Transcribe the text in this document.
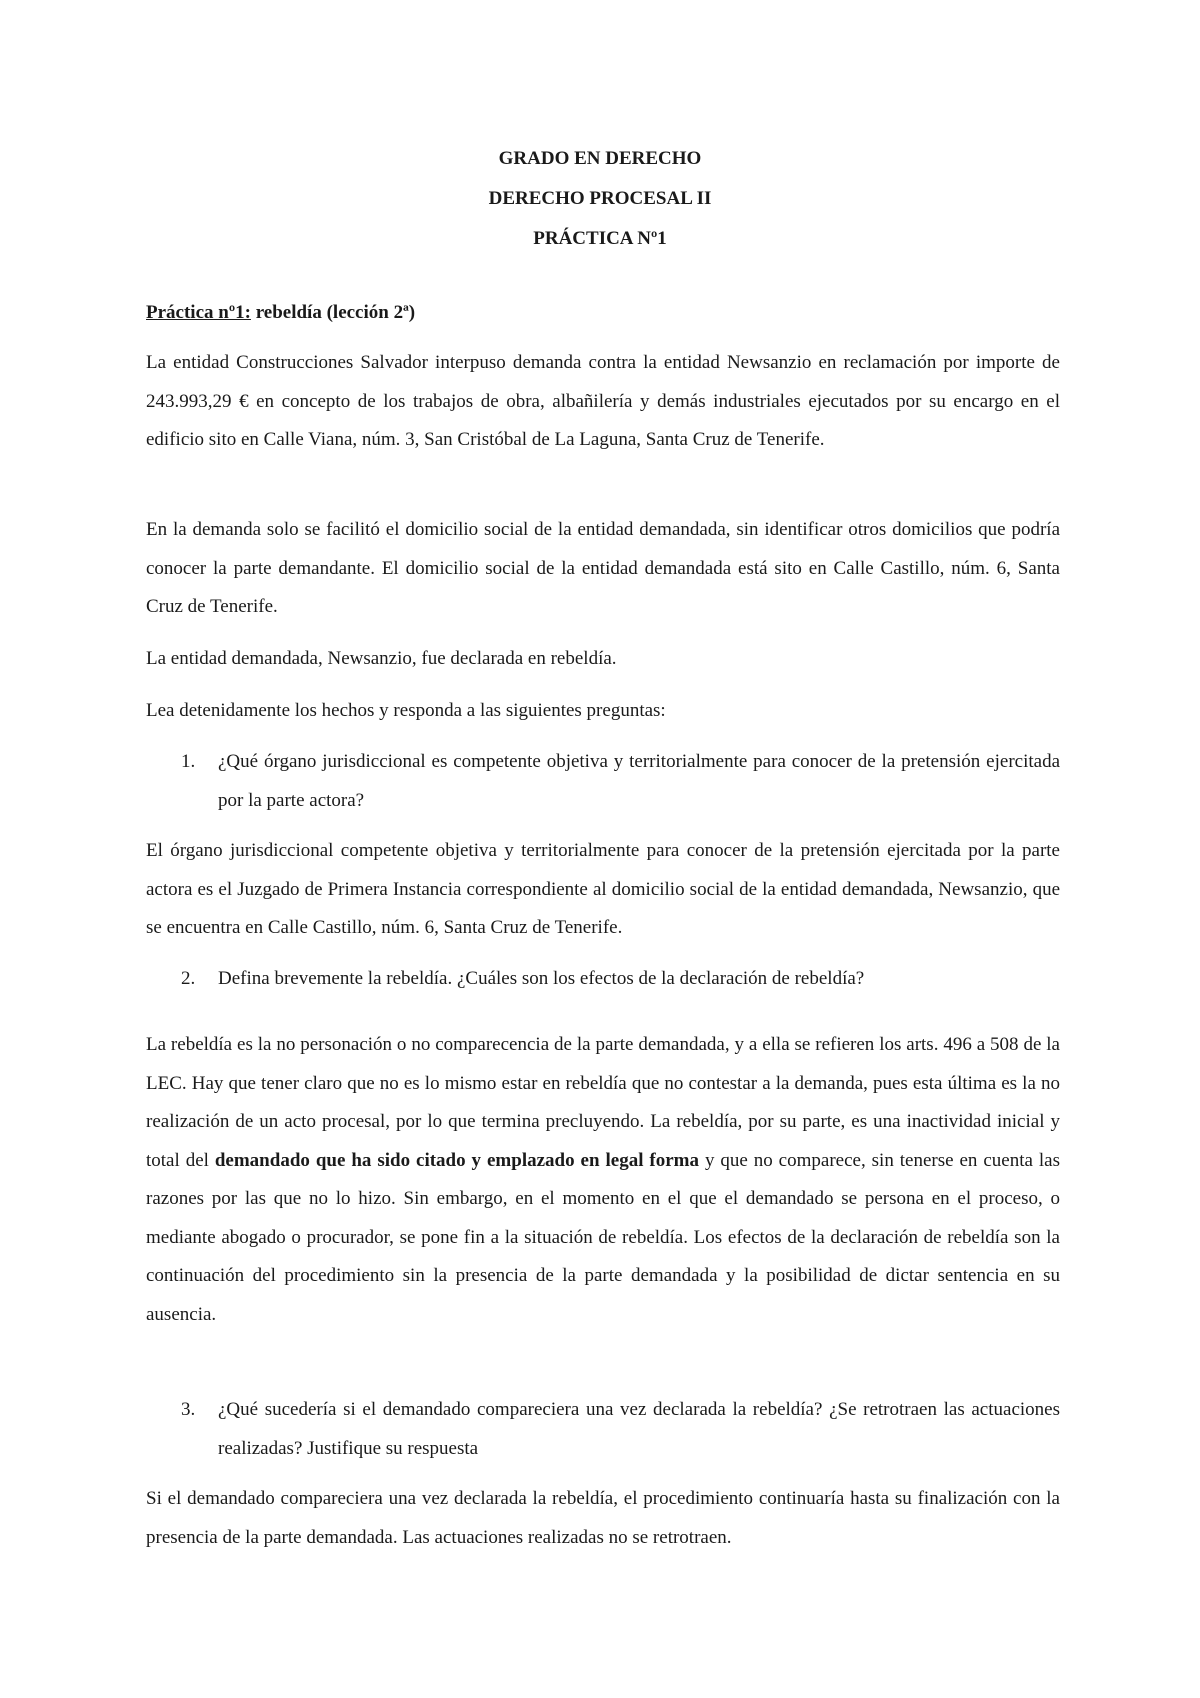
GRADO EN DERECHO
DERECHO PROCESAL II
PRÁCTICA Nº1
Práctica nº1: rebeldía (lección 2ª)

La entidad Construcciones Salvador interpuso demanda contra la entidad Newsanzio en reclamación por importe de 243.993,29 € en concepto de los trabajos de obra, albañilería y demás industriales ejecutados por su encargo en el edificio sito en Calle Viana, núm. 3, San Cristóbal de La Laguna, Santa Cruz de Tenerife.

En la demanda solo se facilitó el domicilio social de la entidad demandada, sin identificar otros domicilios que podría conocer la parte demandante. El domicilio social de la entidad demandada está sito en Calle Castillo, núm. 6, Santa Cruz de Tenerife.

La entidad demandada, Newsanzio, fue declarada en rebeldía.

Lea detenidamente los hechos y responda a las siguientes preguntas:

1. ¿Qué órgano jurisdiccional es competente objetiva y territorialmente para conocer de la pretensión ejercitada por la parte actora?

El órgano jurisdiccional competente objetiva y territorialmente para conocer de la pretensión ejercitada por la parte actora es el Juzgado de Primera Instancia correspondiente al domicilio social de la entidad demandada, Newsanzio, que se encuentra en Calle Castillo, núm. 6, Santa Cruz de Tenerife.

2. Defina brevemente la rebeldía. ¿Cuáles son los efectos de la declaración de rebeldía?

La rebeldía es la no personación o no comparecencia de la parte demandada, y a ella se refieren los arts. 496 a 508 de la LEC. Hay que tener claro que no es lo mismo estar en rebeldía que no contestar a la demanda, pues esta última es la no realización de un acto procesal, por lo que termina precluyendo. La rebeldía, por su parte, es una inactividad inicial y total del demandado que ha sido citado y emplazado en legal forma y que no comparece, sin tenerse en cuenta las razones por las que no lo hizo. Sin embargo, en el momento en el que el demandado se persona en el proceso, o mediante abogado o procurador, se pone fin a la situación de rebeldía. Los efectos de la declaración de rebeldía son la continuación del procedimiento sin la presencia de la parte demandada y la posibilidad de dictar sentencia en su ausencia.

3. ¿Qué sucedería si el demandado compareciera una vez declarada la rebeldía? ¿Se retrotraen las actuaciones realizadas? Justifique su respuesta

Si el demandado compareciera una vez declarada la rebeldía, el procedimiento continuaría hasta su finalización con la presencia de la parte demandada. Las actuaciones realizadas no se retrotraen.
